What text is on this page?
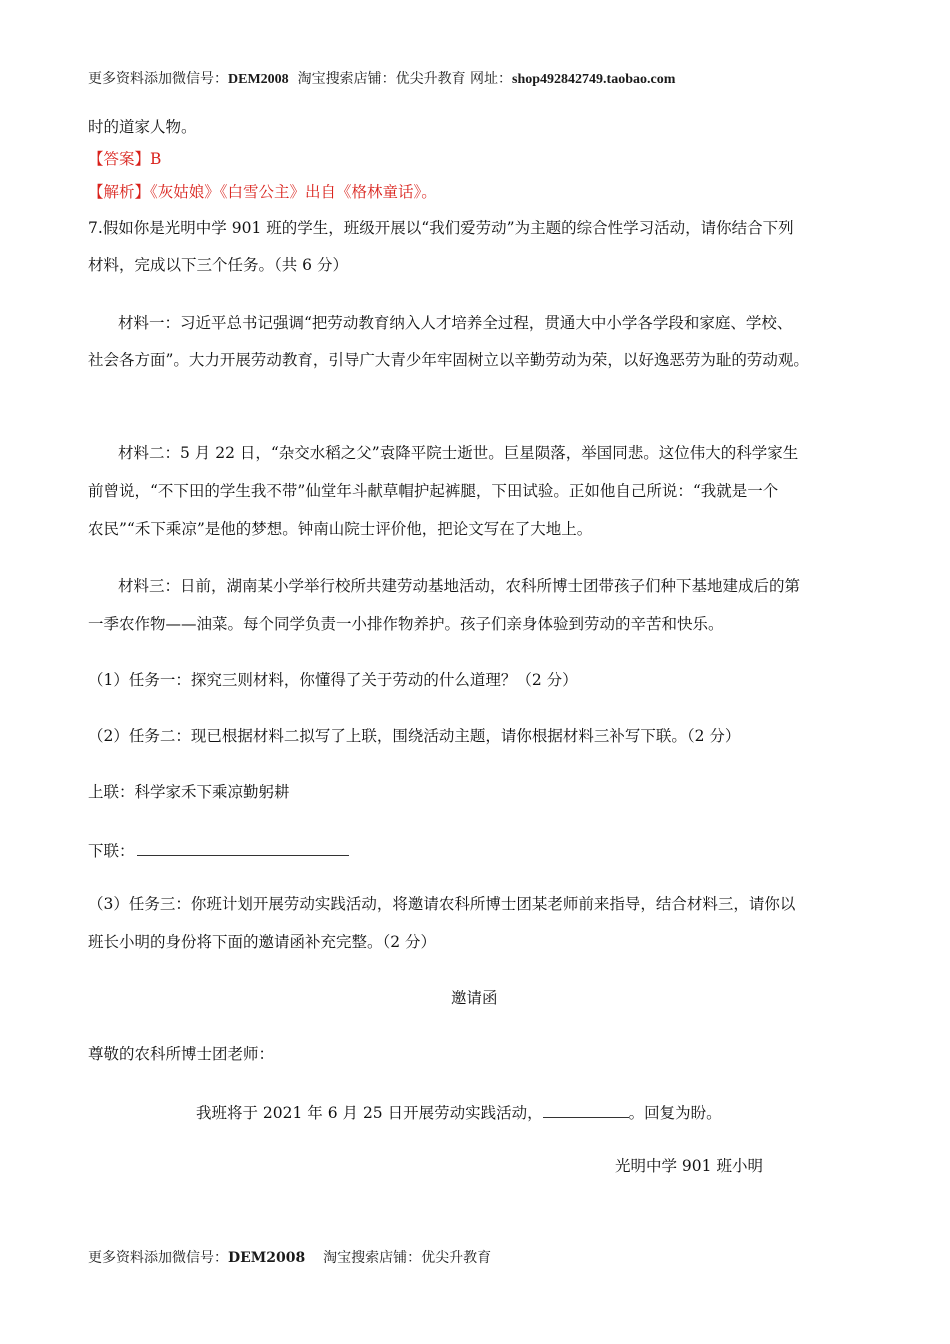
更多资料添加微信号：DEM2008 淘宝搜索店铺：优尖升教育 网址：shop492842749.taobao.com
时的道家人物。
【答案】B
【解析】《灰姑娘》《白雪公主》出自《格林童话》。
7.假如你是光明中学 901 班的学生，班级开展以“我们爱劳动”为主题的综合性学习活动，请你结合下列
材料，完成以下三个任务。（共 6 分）
材料一：习近平总书记强调“把劳动教育纳入人才培养全过程，贯通大中小学各学段和家庭、学校、
社会各方面”。大力开展劳动教育，引导广大青少年牢固树立以辛勤劳动为荣，以好逸恶劳为耻的劳动观。
材料二：5 月 22 日，“杂交水稻之父”袁降平院士逝世。巨星陨落，举国同悲。这位伟大的科学家生
前曾说，“不下田的学生我不带”仙堂年斗献草帽护起裤腿，下田试验。正如他自己所说：“我就是一个
农民”“禾下乘凉”是他的梦想。钟南山院士评价他，把论文写在了大地上。
材料三：日前，湖南某小学举行校所共建劳动基地活动，农科所博士团带孩子们种下基地建成后的第
一季农作物——油菜。每个同学负责一小排作物养护。孩子们亲身体验到劳动的辛苦和快乐。
（1）任务一：探究三则材料，你懂得了关于劳动的什么道理？（2 分）
（2）任务二：现已根据材料二拟写了上联，围绕活动主题，请你根据材料三补写下联。（2 分）
上联：科学家禾下乘凉勤躬耕
下联：
（3）任务三：你班计划开展劳动实践活动，将邀请农科所博士团某老师前来指导，结合材料三，请你以
班长小明的身份将下面的邀请函补充完整。（2 分）
邀请函
尊敬的农科所博士团老师：
我班将于 2021 年 6 月 25 日开展劳动实践活动，	。回复为盼。
光明中学 901 班小明
更多资料添加微信号：DEM2008 淘宝搜索店铺：优尖升教育
